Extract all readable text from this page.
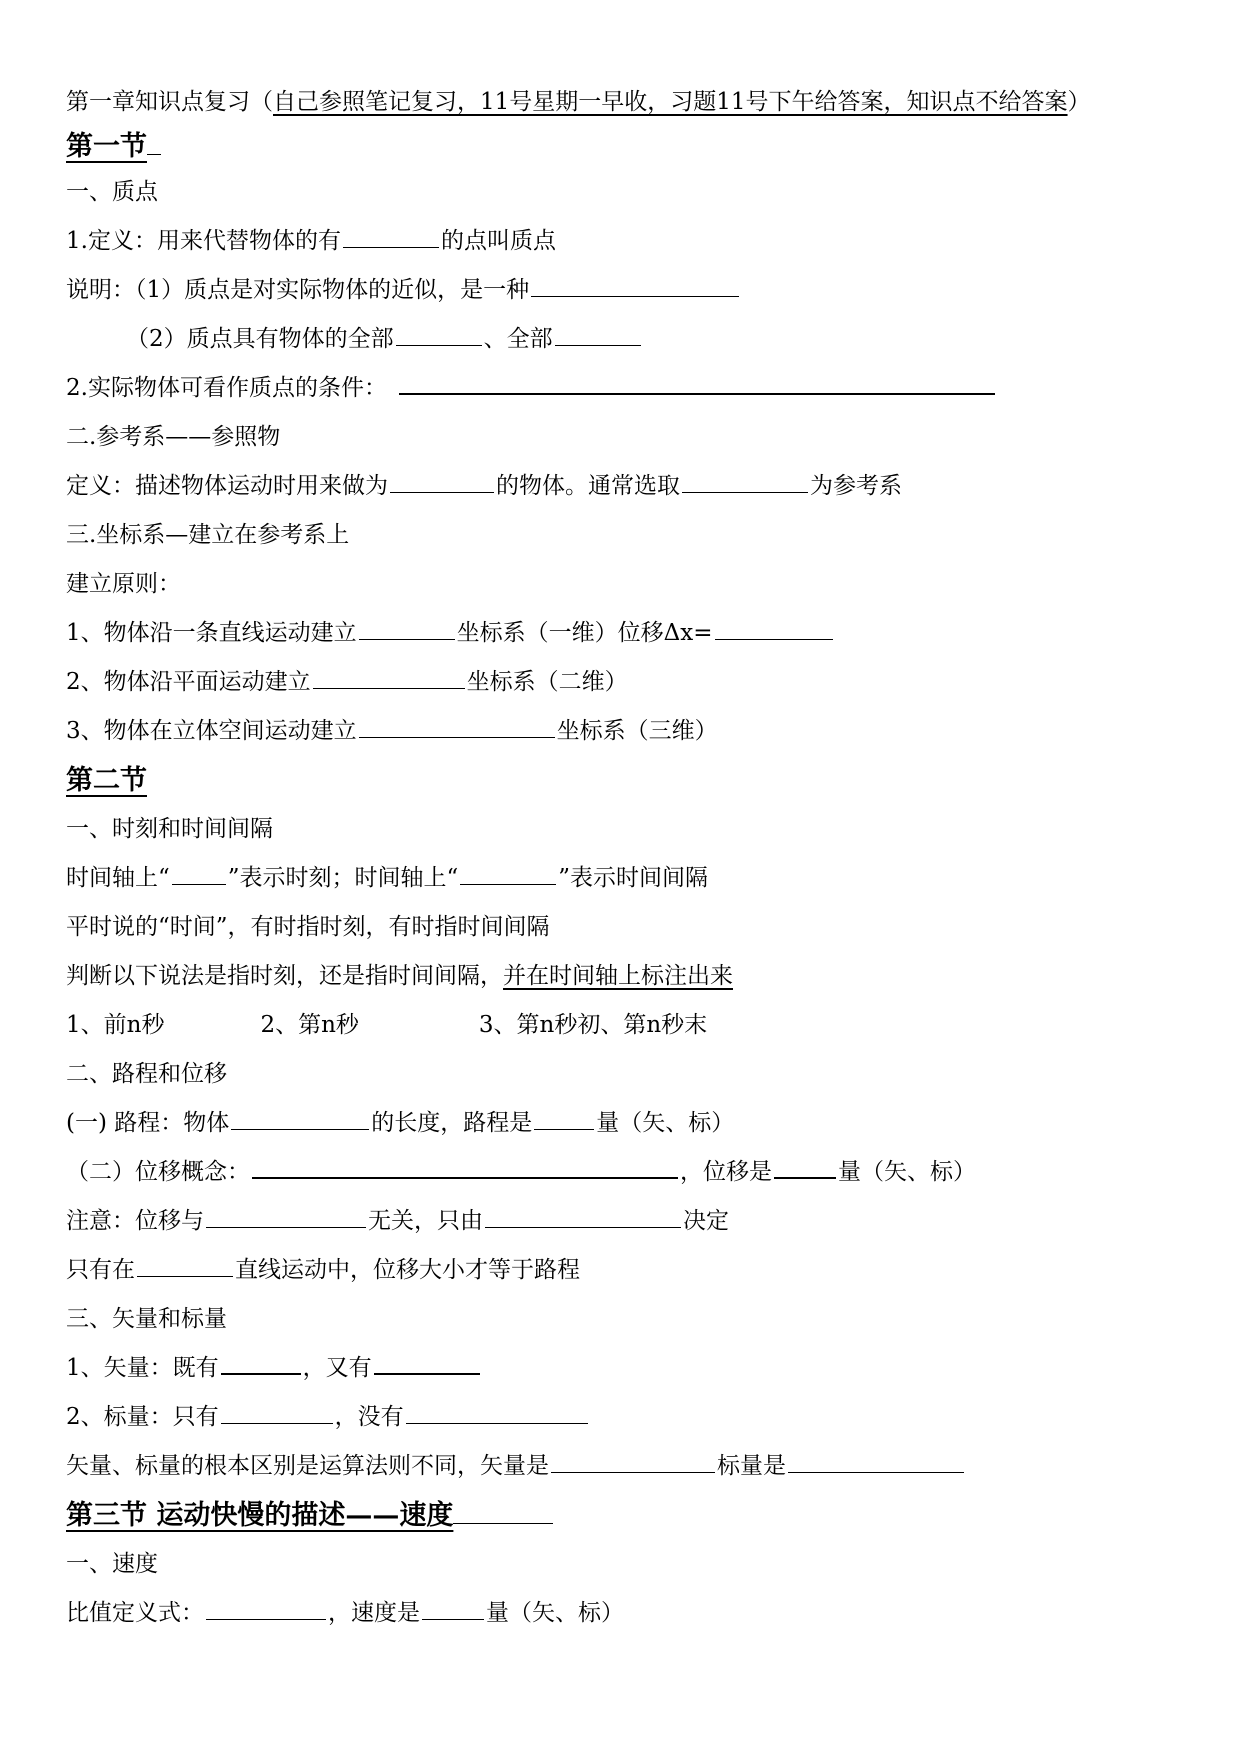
第一章知识点复习（自己参照笔记复习，11号星期一早收，习题11号下午给答案，知识点不给答案）
第一节
一、质点
1.定义：用来代替物体的有	的点叫质点
说明：（1）质点是对实际物体的近似，是一种
（2）质点具有物体的全部	、全部
2.实际物体可看作质点的条件：
二.参考系——参照物
定义：描述物体运动时用来做为	的物体。通常选取	为参考系
三.坐标系—建立在参考系上
建立原则：
1、物体沿一条直线运动建立	坐标系（一维）位移Δx=
2、物体沿平面运动建立	坐标系（二维）
3、物体在立体空间运动建立	坐标系（三维）
第二节
一、时刻和时间间隔
时间轴上“	”表示时刻；时间轴上“	”表示时间间隔
平时说的“时间”，有时指时刻，有时指时间间隔
判断以下说法是指时刻，还是指时间间隔，并在时间轴上标注出来
1、前n秒	2、第n秒	3、第n秒初、第n秒末
二、路程和位移
(一) 路程：物体	的长度，路程是	量（矢、标）
（二）位移概念：	，位移是	量（矢、标）
注意：位移与	无关，只由	决定
只有在	直线运动中，位移大小才等于路程
三、矢量和标量
1、矢量：既有	，又有
2、标量：只有	，没有
矢量、标量的根本区别是运算法则不同，矢量是	标量是
第三节 运动快慢的描述——速度
一、速度
比值定义式：	，速度是	量（矢、标）
